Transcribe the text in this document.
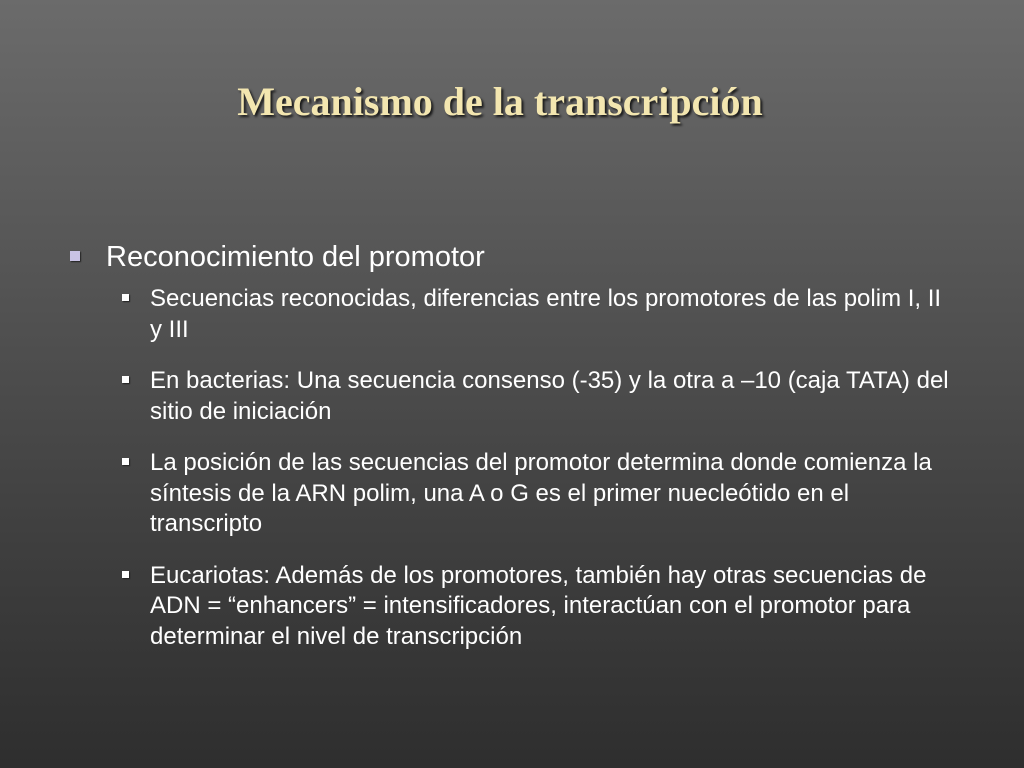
Mecanismo de la transcripción
Reconocimiento del promotor
Secuencias reconocidas, diferencias entre los promotores de las polim I, II y III
En bacterias: Una secuencia consenso (-35) y la otra a –10 (caja TATA) del sitio de iniciación
La posición de las secuencias del promotor determina donde comienza la síntesis de la ARN polim, una A o G es el primer nuecleótido en el transcripto
Eucariotas: Además de los promotores, también hay otras secuencias de ADN = “enhancers” = intensificadores, interactúan con el promotor para determinar el nivel de transcripción
